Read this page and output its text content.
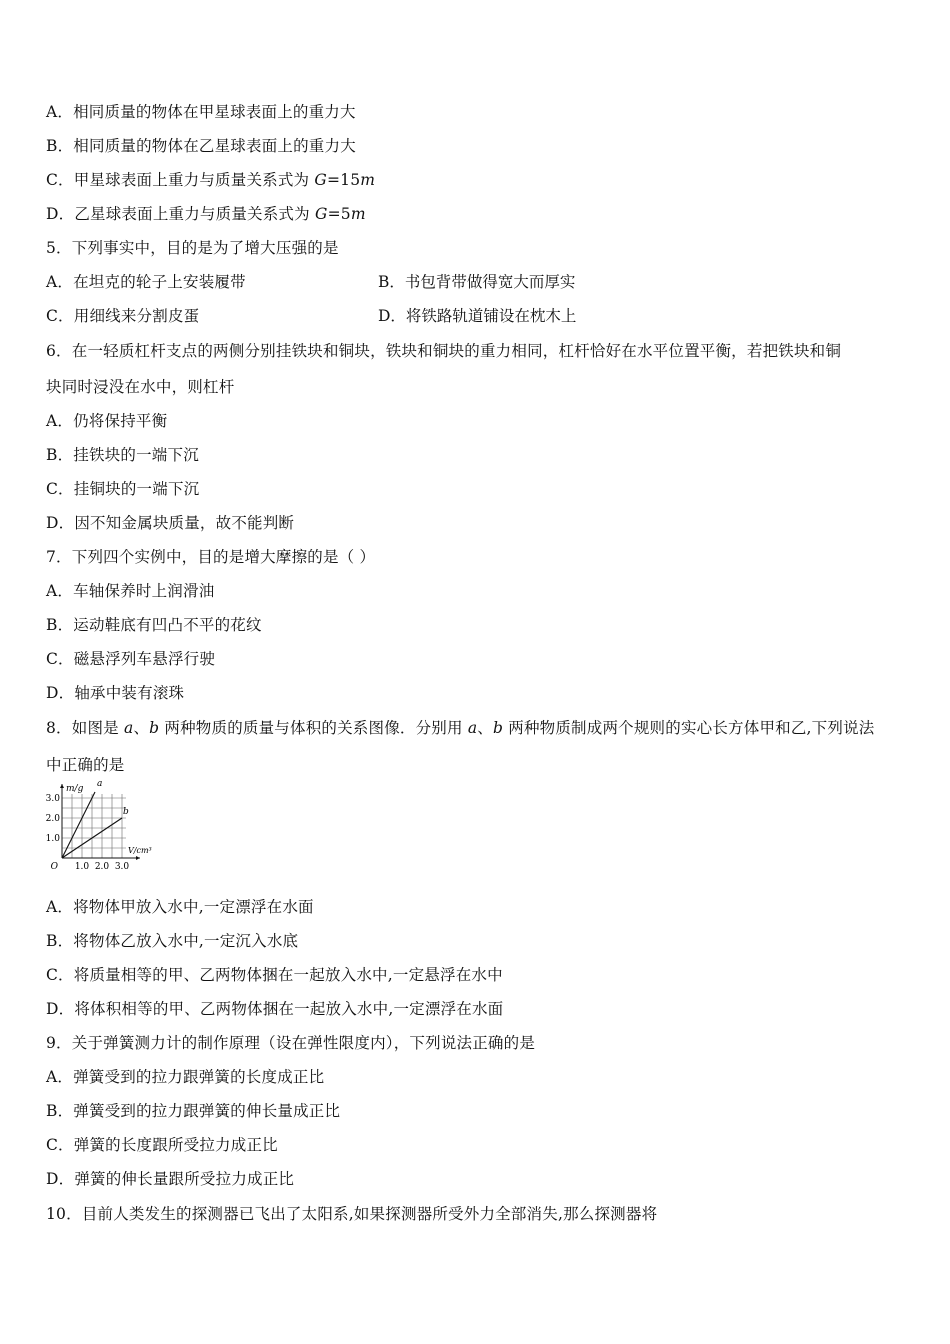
A．相同质量的物体在甲星球表面上的重力大
B．相同质量的物体在乙星球表面上的重力大
C．甲星球表面上重力与质量关系式为 G=15m
D．乙星球表面上重力与质量关系式为 G=5m
5．下列事实中，目的是为了增大压强的是
A．在坦克的轮子上安装履带	B．书包背带做得宽大而厚实
C．用细线来分割皮蛋	D．将铁路轨道铺设在枕木上
6．在一轻质杠杆支点的两侧分别挂铁块和铜块，铁块和铜块的重力相同，杠杆恰好在水平位置平衡，若把铁块和铜
块同时浸没在水中，则杠杆
A．仍将保持平衡
B．挂铁块的一端下沉
C．挂铜块的一端下沉
D．因不知金属块质量，故不能判断
7．下列四个实例中，目的是增大摩擦的是（ ）
A．车轴保养时上润滑油
B．运动鞋底有凹凸不平的花纹
C．磁悬浮列车悬浮行驶
D．轴承中装有滚珠
8．如图是 a、b 两种物质的质量与体积的关系图像．分别用 a、b 两种物质制成两个规则的实心长方体甲和乙,下列说法
中正确的是
1.0
2.0
3.0
1.0 2.0 3.0
O
m/g
V/cm³
a
b
A．将物体甲放入水中,一定漂浮在水面
B．将物体乙放入水中,一定沉入水底
C．将质量相等的甲、乙两物体捆在一起放入水中,一定悬浮在水中
D．将体积相等的甲、乙两物体捆在一起放入水中,一定漂浮在水面
9．关于弹簧测力计的制作原理（设在弹性限度内），下列说法正确的是
A．弹簧受到的拉力跟弹簧的长度成正比
B．弹簧受到的拉力跟弹簧的伸长量成正比
C．弹簧的长度跟所受拉力成正比
D．弹簧的伸长量跟所受拉力成正比
10．目前人类发生的探测器已飞出了太阳系,如果探测器所受外力全部消失,那么探测器将
